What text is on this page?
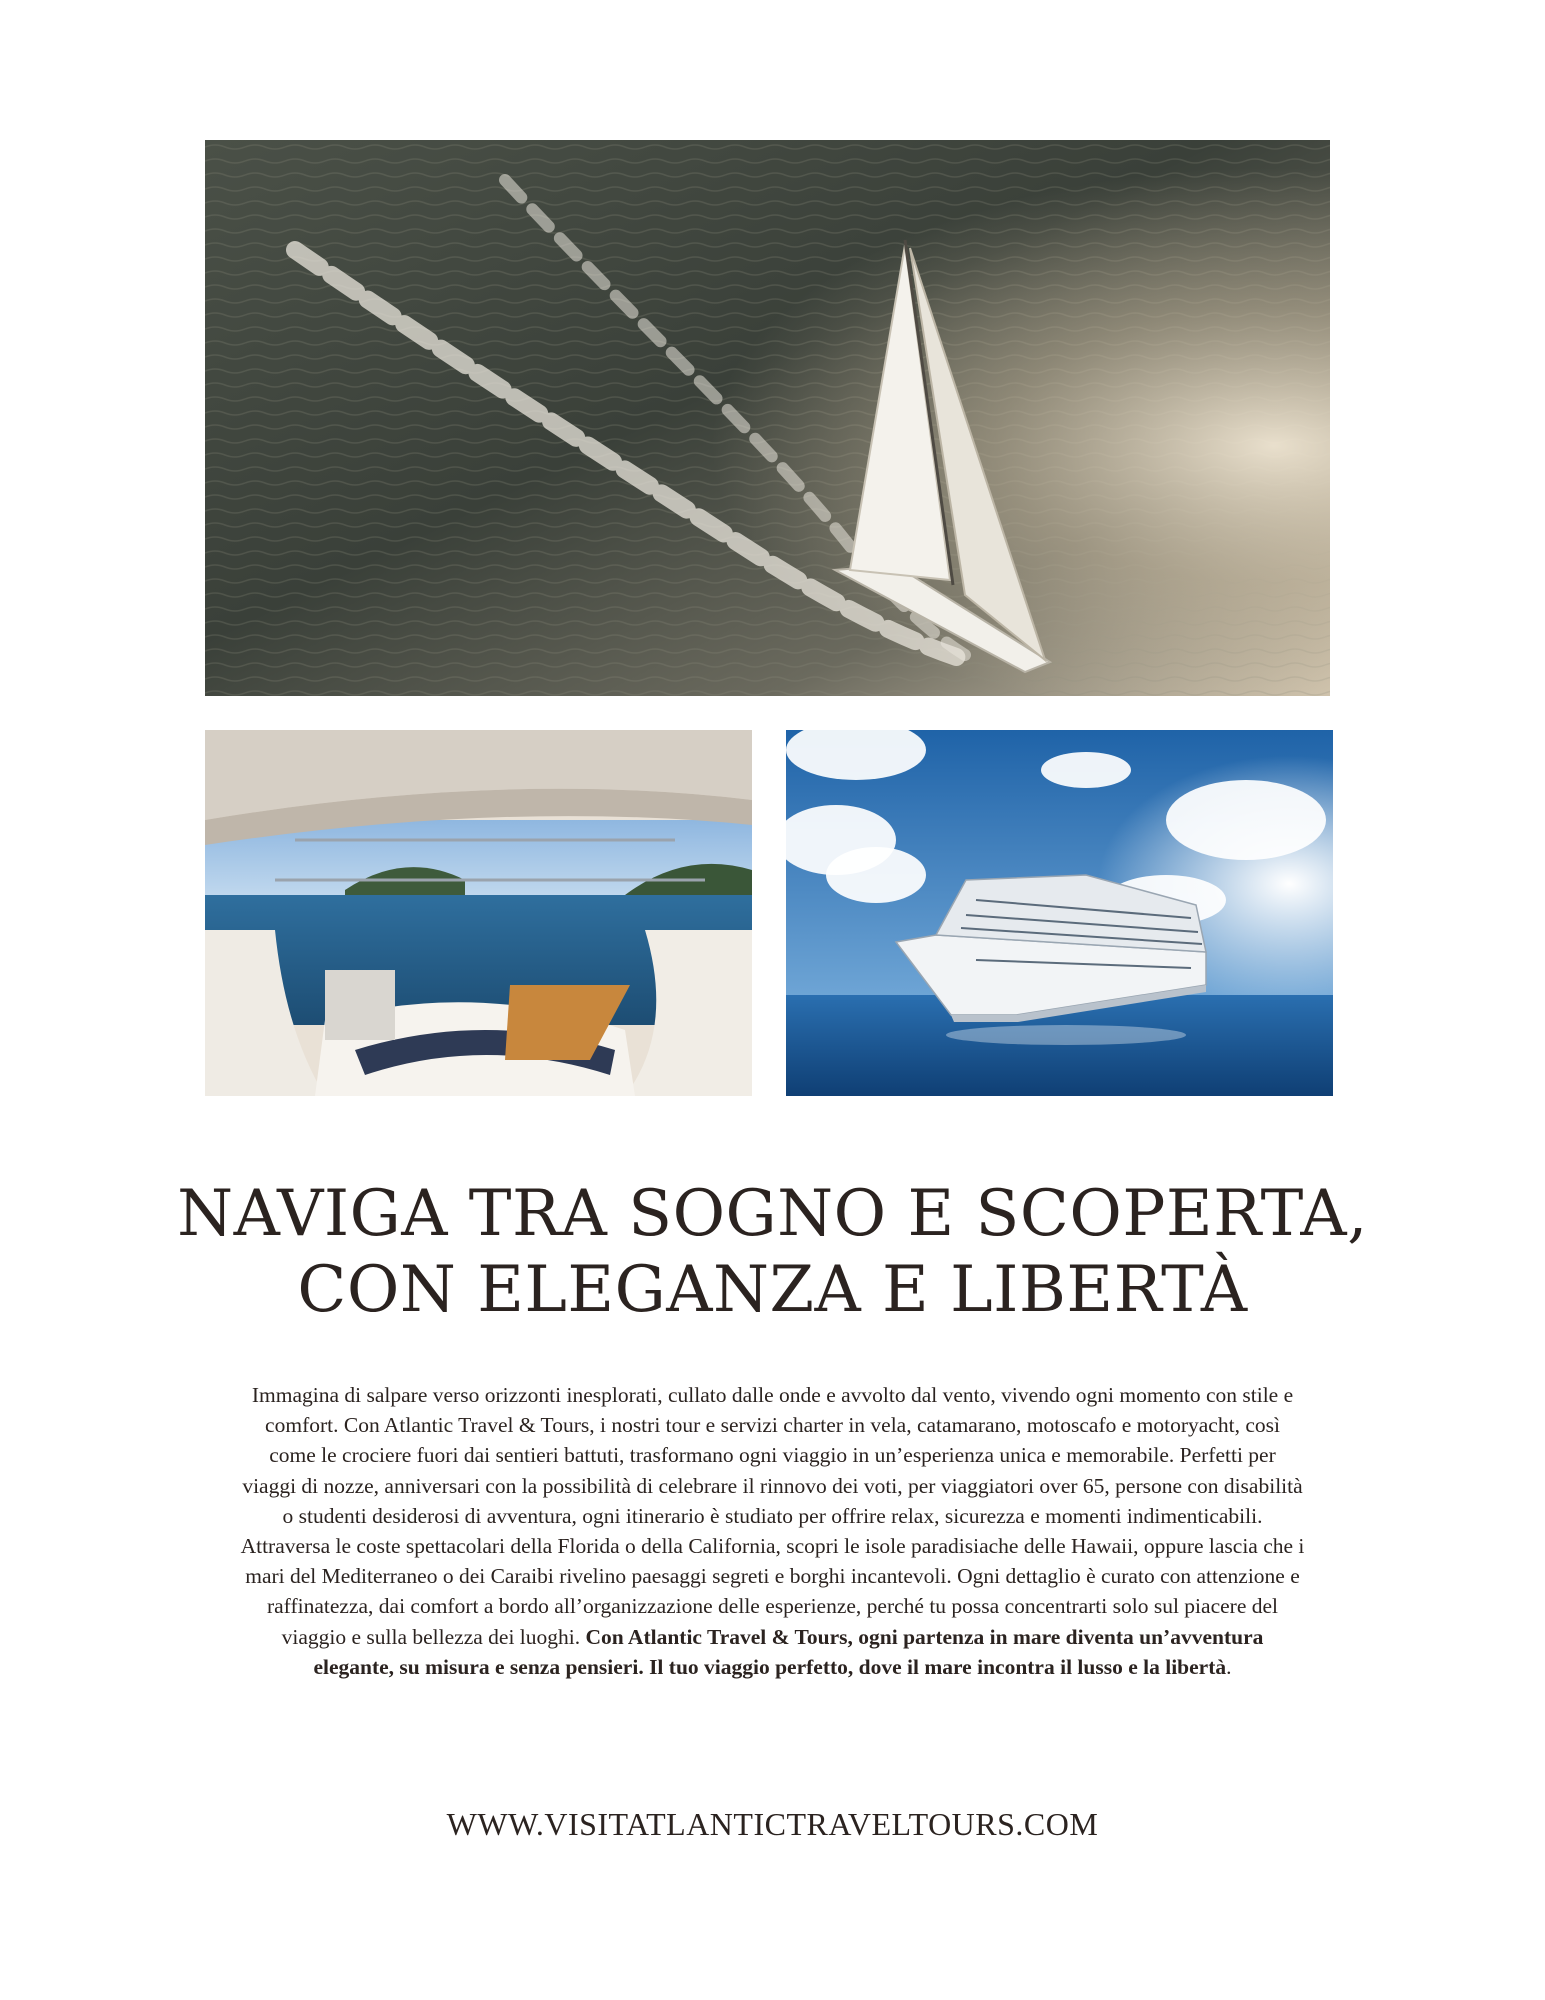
NAVIGA TRA SOGNO E SCOPERTA,
CON ELEGANZA E LIBERTÀ

Immagina di salpare verso orizzonti inesplorati, cullato dalle onde e avvolto dal vento, vivendo ogni momento con stile e comfort. Con Atlantic Travel & Tours, i nostri tour e servizi charter in vela, catamarano, motoscafo e motoryacht, così come le crociere fuori dai sentieri battuti, trasformano ogni viaggio in un’esperienza unica e memorabile. Perfetti per viaggi di nozze, anniversari con la possibilità di celebrare il rinnovo dei voti, per viaggiatori over 65, persone con disabilità o studenti desiderosi di avventura, ogni itinerario è studiato per offrire relax, sicurezza e momenti indimenticabili. Attraversa le coste spettacolari della Florida o della California, scopri le isole paradisiache delle Hawaii, oppure lascia che i mari del Mediterraneo o dei Caraibi rivelino paesaggi segreti e borghi incantevoli. Ogni dettaglio è curato con attenzione e raffinatezza, dai comfort a bordo all’organizzazione delle esperienze, perché tu possa concentrarti solo sul piacere del viaggio e sulla bellezza dei luoghi. Con Atlantic Travel & Tours, ogni partenza in mare diventa un’avventura elegante, su misura e senza pensieri. Il tuo viaggio perfetto, dove il mare incontra il lusso e la libertà.

WWW.VISITATLANTICTRAVELTOURS.COM
